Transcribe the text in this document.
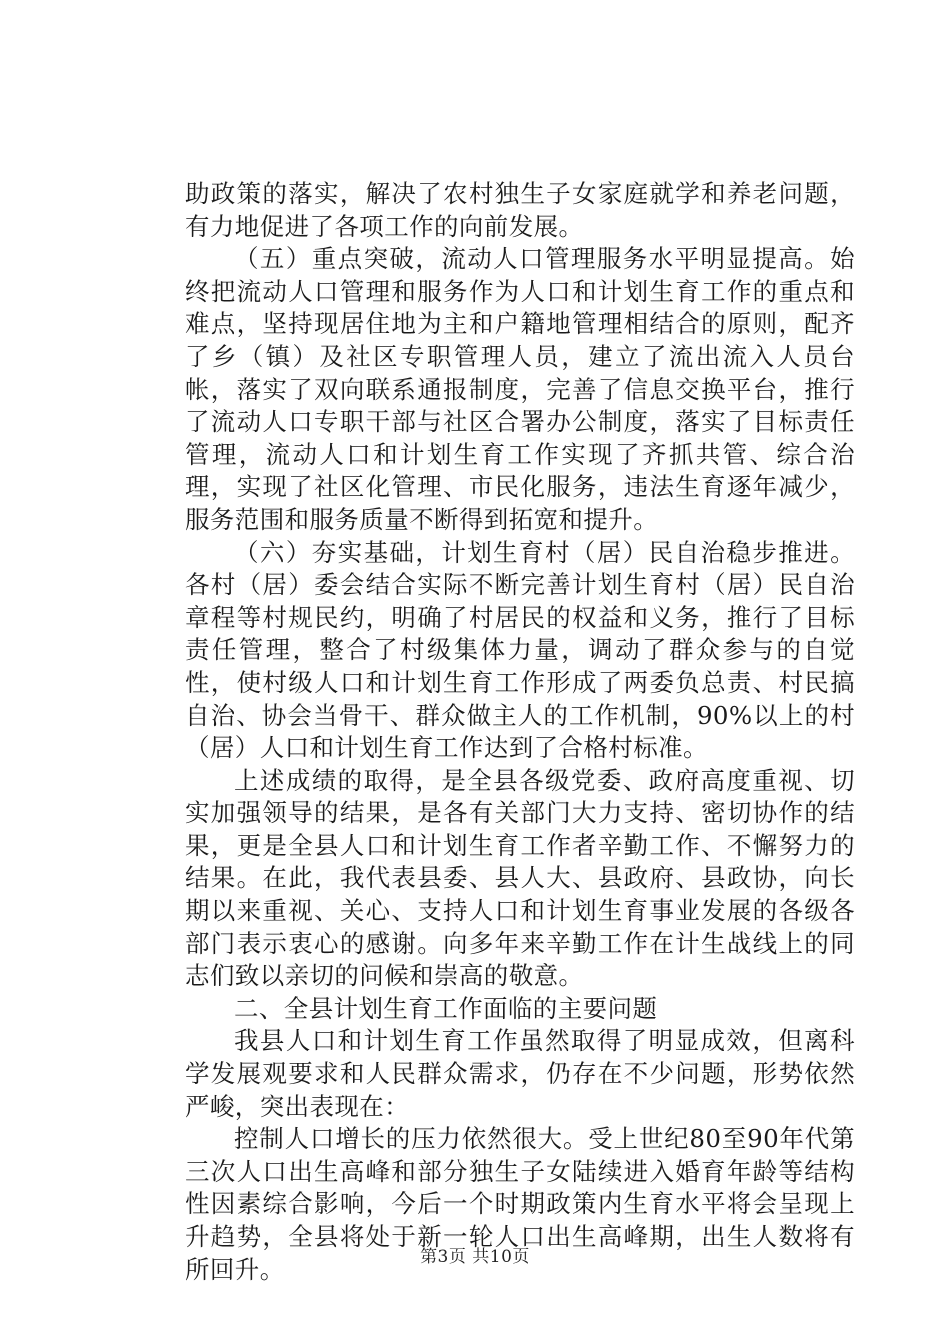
助政策的落实，解决了农村独生子女家庭就学和养老问题，有力地促进了各项工作的向前发展。

（五）重点突破，流动人口管理服务水平明显提高。始终把流动人口管理和服务作为人口和计划生育工作的重点和难点，坚持现居住地为主和户籍地管理相结合的原则，配齐了乡（镇）及社区专职管理人员，建立了流出流入人员台帐，落实了双向联系通报制度，完善了信息交换平台，推行了流动人口专职干部与社区合署办公制度，落实了目标责任管理，流动人口和计划生育工作实现了齐抓共管、综合治理，实现了社区化管理、市民化服务，违法生育逐年减少，服务范围和服务质量不断得到拓宽和提升。

（六）夯实基础，计划生育村（居）民自治稳步推进。各村（居）委会结合实际不断完善计划生育村（居）民自治章程等村规民约，明确了村居民的权益和义务，推行了目标责任管理，整合了村级集体力量，调动了群众参与的自觉性，使村级人口和计划生育工作形成了两委负总责、村民搞自治、协会当骨干、群众做主人的工作机制，90%以上的村（居）人口和计划生育工作达到了合格村标准。

上述成绩的取得，是全县各级党委、政府高度重视、切实加强领导的结果，是各有关部门大力支持、密切协作的结果，更是全县人口和计划生育工作者辛勤工作、不懈努力的结果。在此，我代表县委、县人大、县政府、县政协，向长期以来重视、关心、支持人口和计划生育事业发展的各级各部门表示衷心的感谢。向多年来辛勤工作在计生战线上的同志们致以亲切的问候和崇高的敬意。

二、全县计划生育工作面临的主要问题

我县人口和计划生育工作虽然取得了明显成效，但离科学发展观要求和人民群众需求，仍存在不少问题，形势依然严峻，突出表现在：

控制人口增长的压力依然很大。受上世纪80至90年代第三次人口出生高峰和部分独生子女陆续进入婚育年龄等结构性因素综合影响，今后一个时期政策内生育水平将会呈现上升趋势，全县将处于新一轮人口出生高峰期，出生人数将有所回升。	第3页 共10页
